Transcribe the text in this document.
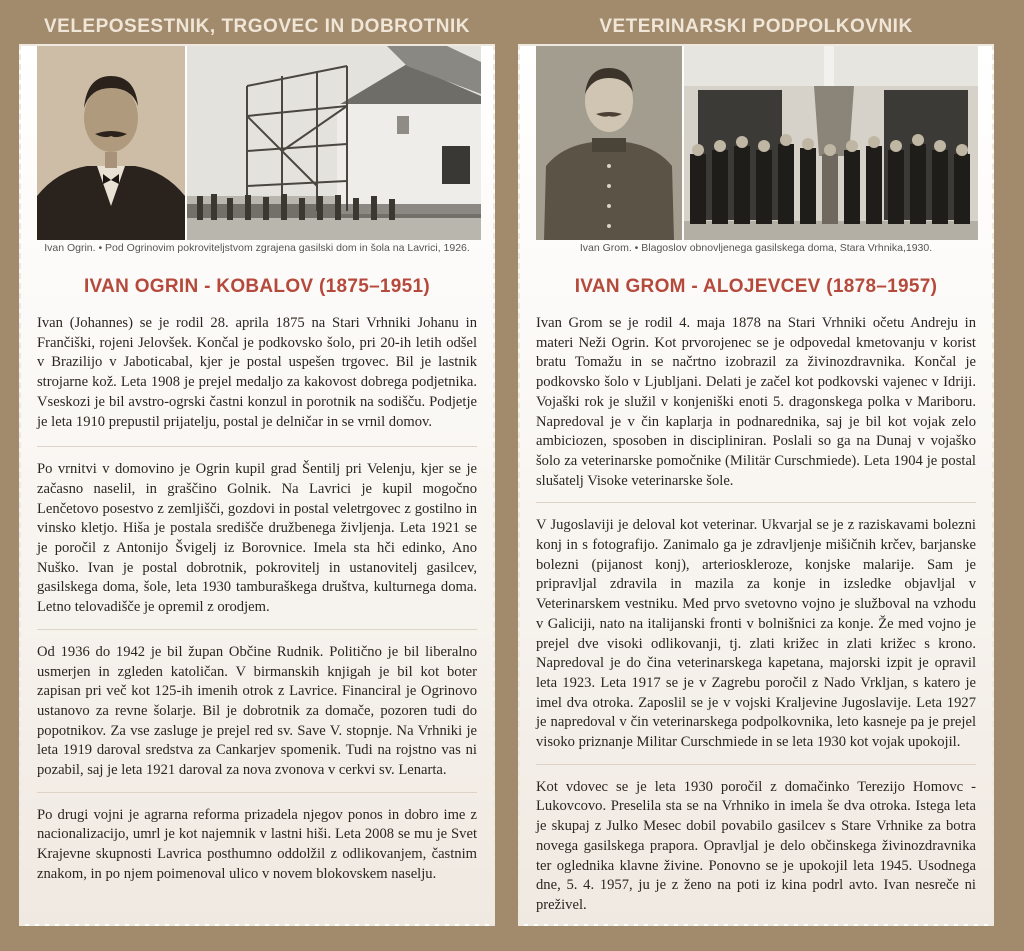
VELEPOSESTNIK, TRGOVEC IN DOBROTNIK
Ivan Ogrin. • Pod Ogrinovim pokroviteljstvom zgrajena gasilski dom in šola na Lavrici, 1926.
IVAN OGRIN - KOBALOV (1875–1951)

Ivan (Johannes) se je rodil 28. aprila 1875 na Stari Vrhniki Johanu in Frančiški, rojeni Jelovšek. Končal je podkovsko šolo, pri 20-ih letih odšel v Brazilijo v Jaboticabal, kjer je postal uspešen trgovec. Bil je lastnik strojarne kož. Leta 1908 je prejel medaljo za kakovost dobrega podjetnika. Vseskozi je bil avstro-ogrski častni konzul in porotnik na sodišču. Podjetje je leta 1910 prepustil prijatelju, postal je delničar in se vrnil domov.

Po vrnitvi v domovino je Ogrin kupil grad Šentilj pri Velenju, kjer se je začasno naselil, in graščino Golnik. Na Lavrici je kupil mogočno Lenčetovo posestvo z zemljišči, gozdovi in postal veletrgovec z gostilno in vinsko kletjo. Hiša je postala središče družbenega življenja. Leta 1921 se je poročil z Antonijo Švigelj iz Borovnice. Imela sta hči edinko, Ano Nuško. Ivan je postal dobrotnik, pokrovitelj in ustanovitelj gasilcev, gasilskega doma, šole, leta 1930 tamburaškega društva, kulturnega doma. Letno telovadišče je opremil z orodjem.

Od 1936 do 1942 je bil župan Občine Rudnik. Politično je bil liberalno usmerjen in zgleden katoličan. V birmanskih knjigah je bil kot boter zapisan pri več kot 125-ih imenih otrok z Lavrice. Financiral je Ogrinovo ustanovo za revne šolarje. Bil je dobrotnik za domače, pozoren tudi do popotnikov. Za vse zasluge je prejel red sv. Save V. stopnje. Na Vrhniki je leta 1919 daroval sredstva za Cankarjev spomenik. Tudi na rojstno vas ni pozabil, saj je leta 1921 daroval za nova zvonova v cerkvi sv. Lenarta.

Po drugi vojni je agrarna reforma prizadela njegov ponos in dobro ime z nacionalizacijo, umrl je kot najemnik v lastni hiši. Leta 2008 se mu je Svet Krajevne skupnosti Lavrica posthumno oddolžil z odlikovanjem, častnim znakom, in po njem poimenoval ulico v novem blokovskem naselju.

VETERINARSKI PODPOLKOVNIK
Ivan Grom. • Blagoslov obnovljenega gasilskega doma, Stara Vrhnika,1930.
IVAN GROM - ALOJEVCEV (1878–1957)

Ivan Grom se je rodil 4. maja 1878 na Stari Vrhniki očetu Andreju in materi Neži Ogrin. Kot prvorojenec se je odpovedal kmetovanju v korist bratu Tomažu in se načrtno izobrazil za živinozdravnika. Končal je podkovsko šolo v Ljubljani. Delati je začel kot podkovski vajenec v Idriji. Vojaški rok je služil v konjeniški enoti 5. dragonskega polka v Mariboru. Napredoval je v čin kaplarja in podnarednika, saj je bil kot vojak zelo ambiciozen, sposoben in discipliniran. Poslali so ga na Dunaj v vojaško šolo za veterinarske pomočnike (Militär Curschmiede). Leta 1904 je postal slušatelj Visoke veterinarske šole.

V Jugoslaviji je deloval kot veterinar. Ukvarjal se je z raziskavami bolezni konj in s fotografijo. Zanimalo ga je zdravljenje mišičnih krčev, barjanske bolezni (pijanost konj), arteriosklerozе, konjske malarije. Sam je pripravljal zdravila in mazila za konje in izsledke objavljal v Veterinarskem vestniku. Med prvo svetovno vojno je služboval na vzhodu v Galiciji, nato na italijanski fronti v bolnišnici za konje. Že med vojno je prejel dve visoki odlikovanji, tj. zlati križec in zlati križec s krono. Napredoval je do čina veterinarskega kapetana, majorski izpit je opravil leta 1923. Leta 1917 se je v Zagrebu poročil z Nado Vrkljan, s katero je imel dva otroka. Zaposlil se je v vojski Kraljevine Jugoslavije. Leta 1927 je napredoval v čin veterinarskega podpolkovnika, leto kasneje pa je prejel visoko priznanje Militar Curschmiede in se leta 1930 kot vojak upokojil.

Kot vdovec se je leta 1930 poročil z domačinko Terezijo Homovc - Lukovcovo. Preselila sta se na Vrhniko in imela še dva otroka. Istega leta je skupaj z Julko Mesec dobil povabilo gasilcev s Stare Vrhnike za botra novega gasilskega prapora. Opravljal je delo občinskega živinozdravnika ter oglednika klavne živine. Ponovno se je upokojil leta 1945. Usodnega dne, 5. 4. 1957, ju je z ženo na poti iz kina podrl avto. Ivan nesreče ni preživel.
